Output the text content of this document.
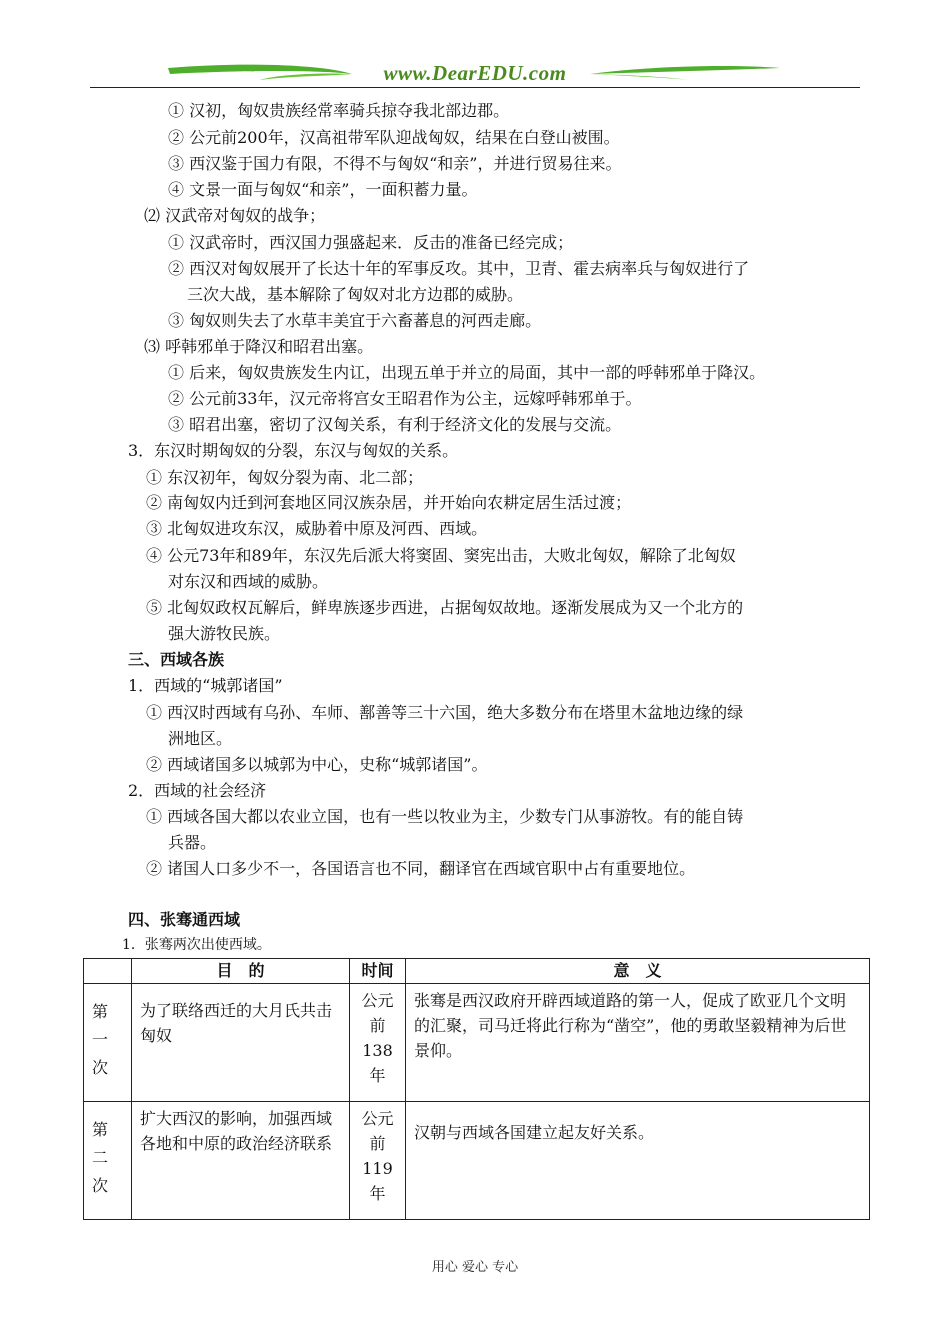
www.DearEDU.com
① 汉初，匈奴贵族经常率骑兵掠夺我北部边郡。
② 公元前200年，汉高祖带军队迎战匈奴，结果在白登山被围。
③ 西汉鉴于国力有限，不得不与匈奴“和亲”，并进行贸易往来。
④ 文景一面与匈奴“和亲”，一面积蓄力量。
⑵ 汉武帝对匈奴的战争；
① 汉武帝时，西汉国力强盛起来．反击的准备已经完成；
② 西汉对匈奴展开了长达十年的军事反攻。其中，卫青、霍去病率兵与匈奴进行了
三次大战，基本解除了匈奴对北方边郡的威胁。
③ 匈奴则失去了水草丰美宜于六畜蕃息的河西走廊。
⑶ 呼韩邪单于降汉和昭君出塞。
① 后来，匈奴贵族发生内讧，出现五单于并立的局面，其中一部的呼韩邪单于降汉。
② 公元前33年，汉元帝将宫女王昭君作为公主，远嫁呼韩邪单于。
③ 昭君出塞，密切了汉匈关系，有利于经济文化的发展与交流。
3．东汉时期匈奴的分裂，东汉与匈奴的关系。
① 东汉初年，匈奴分裂为南、北二部；
② 南匈奴内迁到河套地区同汉族杂居，并开始向农耕定居生活过渡；
③ 北匈奴进攻东汉，威胁着中原及河西、西域。
④ 公元73年和89年，东汉先后派大将窦固、窦宪出击，大败北匈奴，解除了北匈奴
对东汉和西域的威胁。
⑤ 北匈奴政权瓦解后，鲜卑族逐步西进，占据匈奴故地。逐渐发展成为又一个北方的
强大游牧民族。
三、西域各族
1．西域的“城郭诸国”
① 西汉时西域有乌孙、车师、鄯善等三十六国，绝大多数分布在塔里木盆地边缘的绿
洲地区。
② 西域诸国多以城郭为中心，史称“城郭诸国”。
2．西域的社会经济
① 西域各国大都以农业立国，也有一些以牧业为主，少数专门从事游牧。有的能自铸
兵器。
② 诸国人口多少不一，各国语言也不同，翻译官在西域官职中占有重要地位。
四、张骞通西域
1．张骞两次出使西域。
	目　的	时间	意　义
第一次	为了联络西迁的大月氏共击匈奴	公元前138年	张骞是西汉政府开辟西域道路的第一人，促成了欧亚几个文明的汇聚，司马迁将此行称为“凿空”，他的勇敢坚毅精神为后世景仰。
第二次	扩大西汉的影响，加强西域各地和中原的政治经济联系	公元前119年	汉朝与西域各国建立起友好关系。
用心 爱心 专心
